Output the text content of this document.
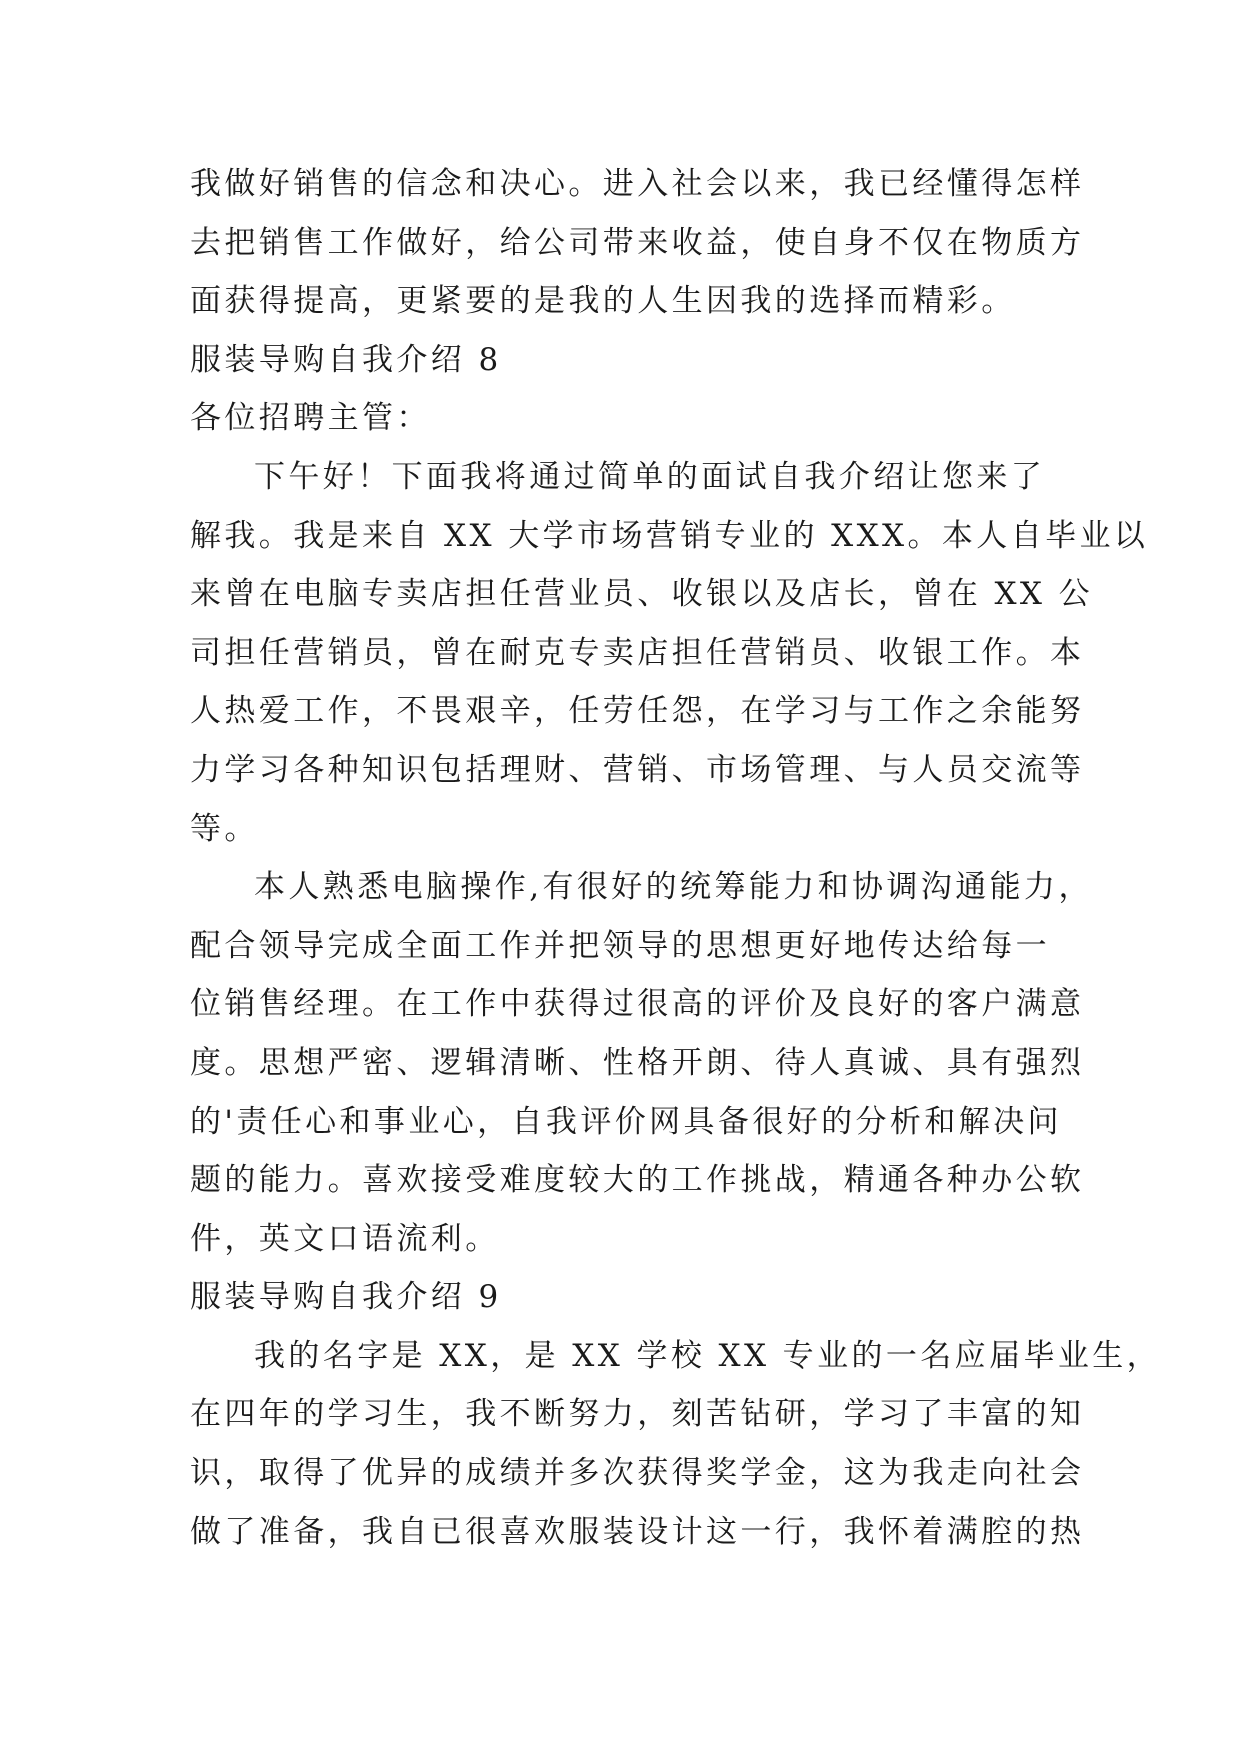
我做好销售的信念和决心。进入社会以来，我已经懂得怎样
去把销售工作做好，给公司带来收益，使自身不仅在物质方
面获得提高，更紧要的是我的人生因我的选择而精彩。
服装导购自我介绍 8
各位招聘主管：
下午好！下面我将通过简单的面试自我介绍让您来了
解我。我是来自 XX 大学市场营销专业的 XXX。本人自毕业以
来曾在电脑专卖店担任营业员、收银以及店长，曾在 XX 公
司担任营销员，曾在耐克专卖店担任营销员、收银工作。本
人热爱工作，不畏艰辛，任劳任怨，在学习与工作之余能努
力学习各种知识包括理财、营销、市场管理、与人员交流等
等。
本人熟悉电脑操作,有很好的统筹能力和协调沟通能力，
配合领导完成全面工作并把领导的思想更好地传达给每一
位销售经理。在工作中获得过很高的评价及良好的客户满意
度。思想严密、逻辑清晰、性格开朗、待人真诚、具有强烈
的'责任心和事业心，自我评价网具备很好的分析和解决问
题的能力。喜欢接受难度较大的工作挑战，精通各种办公软
件，英文口语流利。
服装导购自我介绍 9
我的名字是 XX，是 XX 学校 XX 专业的一名应届毕业生，
在四年的学习生，我不断努力，刻苦钻研，学习了丰富的知
识，取得了优异的成绩并多次获得奖学金，这为我走向社会
做了准备，我自已很喜欢服装设计这一行，我怀着满腔的热
